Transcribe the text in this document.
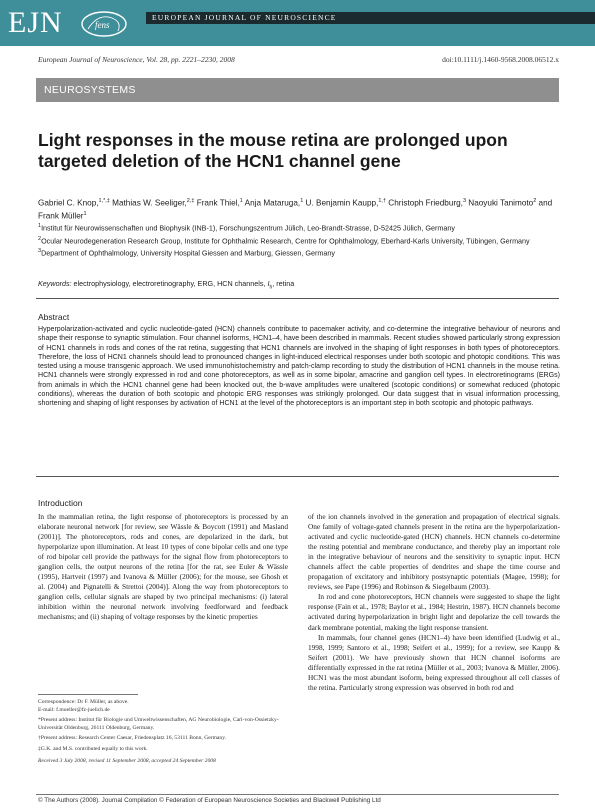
EJN	fens
EUROPEAN JOURNAL OF NEUROSCIENCE
European Journal of Neuroscience, Vol. 28, pp. 2221–2230, 2008	doi:10.1111/j.1460-9568.2008.06512.x
NEUROSYSTEMS
Light responses in the mouse retina are prolonged upon targeted deletion of the HCN1 channel gene
Gabriel C. Knop,$^{1,*,\ddagger}$ Mathias W. Seeliger,$^{2,\ddagger}$ Frank Thiel,$^1$ Anja Mataruga,$^1$ U. Benjamin Kaupp,$^{1,\dagger}$ Christoph Friedburg,$^3$ Naoyuki Tanimoto$^2$ and Frank Müller$^1$
$^1$Institut für Neurowissenschaften und Biophysik (INB-1), Forschungszentrum Jülich, Leo-Brandt-Strasse, D-52425 Jülich, Germany
$^2$Ocular Neurodegeneration Research Group, Institute for Ophthalmic Research, Centre for Ophthalmology, Eberhard-Karls University, Tübingen, Germany
$^3$Department of Ophthalmology, University Hospital Giessen and Marburg, Giessen, Germany
Keywords: electrophysiology, electroretinography, ERG, HCN channels, $I_h$, retina
Abstract

Hyperpolarization-activated and cyclic nucleotide-gated (HCN) channels contribute to pacemaker activity, and co-determine the integrative behaviour of neurons and shape their response to synaptic stimulation. Four channel isoforms, HCN1–4, have been described in mammals. Recent studies showed particularly strong expression of HCN1 channels in rods and cones of the rat retina, suggesting that HCN1 channels are involved in the shaping of light responses in both types of photoreceptors. Therefore, the loss of HCN1 channels should lead to pronounced changes in light-induced electrical responses under both scotopic and photopic conditions. This was tested using a mouse transgenic approach. We used immunohistochemistry and patch-clamp recording to study the distribution of HCN1 channels in the mouse retina. HCN1 channels were strongly expressed in rod and cone photoreceptors, as well as in some bipolar, amacrine and ganglion cell types. In electroretinograms (ERGs) from animals in which the HCN1 channel gene had been knocked out, the b-wave amplitudes were unaltered (scotopic conditions) or somewhat reduced (photopic conditions), whereas the duration of both scotopic and photopic ERG responses was strikingly prolonged. Our data suggest that in visual information processing, shortening and shaping of light responses by activation of HCN1 at the level of the photoreceptors is an important step in both scotopic and photopic pathways.

Introduction

In the mammalian retina, the light response of photoreceptors is processed by an elaborate neuronal network [for review, see Wässle & Boycott (1991) and Masland (2001)]. The photoreceptors, rods and cones, are depolarized in the dark, but hyperpolarize upon illumination. At least 10 types of cone bipolar cells and one type of rod bipolar cell provide the pathways for the signal flow from photoreceptors to ganglion cells, the output neurons of the retina [for the rat, see Euler & Wässle (1995), Hartveit (1997) and Ivanova & Müller (2006); for the mouse, see Ghosh et al. (2004) and Pignatelli & Strettoi (2004)]. Along the way from photoreceptors to ganglion cells, cellular signals are shaped by two principal mechanisms: (i) lateral inhibition within the neuronal network involving feedforward and feedback mechanisms; and (ii) shaping of voltage responses by the kinetic properties

of the ion channels involved in the generation and propagation of electrical signals. One family of voltage-gated channels present in the retina are the hyperpolarization-activated and cyclic nucleotide-gated (HCN) channels. HCN channels co-determine the resting potential and membrane conductance, and thereby play an important role in the integrative behaviour of neurons and the sensitivity to synaptic input. HCN channels affect the cable properties of dendrites and shape the time course and propagation of excitatory and inhibitory postsynaptic potentials (Magee, 1998); for reviews, see Pape (1996) and Robinson & Siegelbaum (2003).

In rod and cone photoreceptors, HCN channels were suggested to shape the light response (Fain et al., 1978; Baylor et al., 1984; Hestrin, 1987). HCN channels become activated during hyperpolarization in bright light and depolarize the cell towards the dark membrane potential, making the light response transient.

In mammals, four channel genes (HCN1–4) have been identified (Ludwig et al., 1998, 1999; Santoro et al., 1998; Seifert et al., 1999); for a review, see Kaupp & Seifert (2001). We have previously shown that HCN channel isoforms are differentially expressed in the rat retina (Müller et al., 2003; Ivanova & Müller, 2006). HCN1 was the most abundant isoform, being expressed throughout all cell classes of the retina. Particularly strong expression was observed in both rod and

Correspondence: Dr F. Müller, as above.
E-mail: f.mueller@fz-juelich.de

*Present address: Institut für Biologie und Umweltwissenschaften, AG Neurobiologie, Carl-von-Ossietzky-Universität Oldenburg, 26111 Oldenburg, Germany.

†Present address: Research Center Caesar, Friedensplatz 16, 53111 Bonn, Germany.

‡G.K. and M.S. contributed equally to this work.

Received 3 July 2008, revised 11 September 2008, accepted 24 September 2008

© The Authors (2008). Journal Compilation © Federation of European Neuroscience Societies and Blackwell Publishing Ltd
